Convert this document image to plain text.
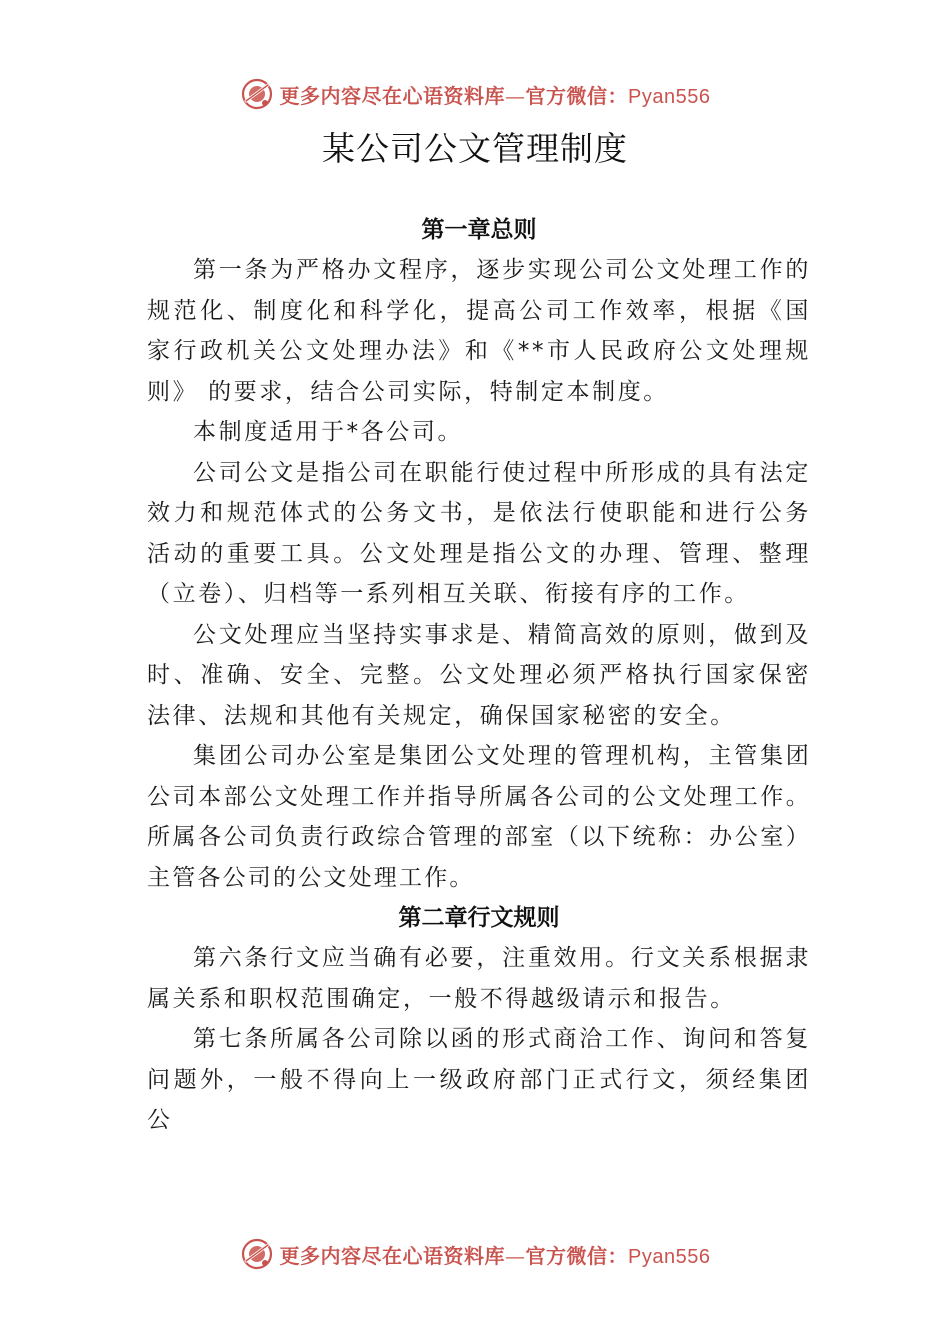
更多内容尽在心语资料库—官方微信：Pyan556
某公司公文管理制度
第一章总则

第一条为严格办文程序，逐步实现公司公文处理工作的规范化、制度化和科学化，提高公司工作效率，根据《国家行政机关公文处理办法》和《**市人民政府公文处理规则》 的要求，结合公司实际，特制定本制度。

本制度适用于*各公司。

公司公文是指公司在职能行使过程中所形成的具有法定效力和规范体式的公务文书，是依法行使职能和进行公务活动的重要工具。公文处理是指公文的办理、管理、整理（立卷）、归档等一系列相互关联、衔接有序的工作。

公文处理应当坚持实事求是、精简高效的原则，做到及时、准确、安全、完整。公文处理必须严格执行国家保密法律、法规和其他有关规定，确保国家秘密的安全。

集团公司办公室是集团公文处理的管理机构，主管集团公司本部公文处理工作并指导所属各公司的公文处理工作。 所属各公司负责行政综合管理的部室（以下统称：办公室） 主管各公司的公文处理工作。

第二章行文规则

第六条行文应当确有必要，注重效用。行文关系根据隶属关系和职权范围确定，一般不得越级请示和报告。

第七条所属各公司除以函的形式商洽工作、询问和答复问题外，一般不得向上一级政府部门正式行文，须经集团公

更多内容尽在心语资料库—官方微信：Pyan556
